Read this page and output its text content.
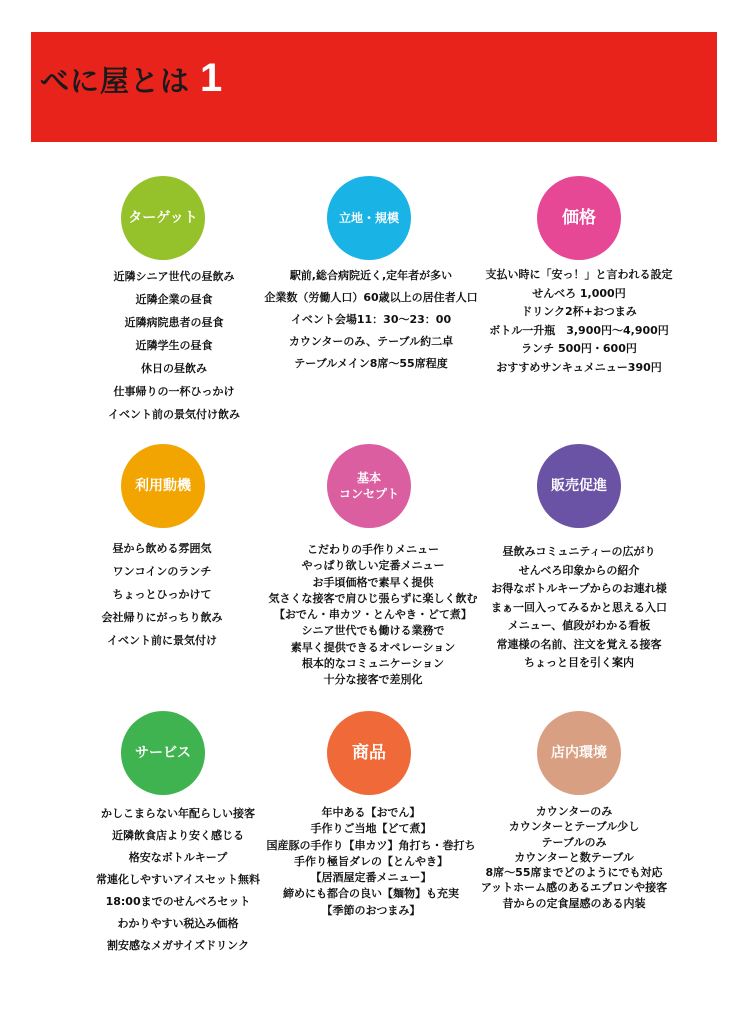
べに屋とは 1
ターゲット
近隣シニア世代の昼飲み
近隣企業の昼食
近隣病院患者の昼食
近隣学生の昼食
休日の昼飲み
仕事帰りの一杯ひっかけ
イベント前の景気付け飲み
立地・規模
駅前,総合病院近く,定年者が多い
企業数（労働人口）60歳以上の居住者人口
イベント会場11：30～23：00
カウンターのみ、テーブル約二卓
テーブルメイン8席～55席程度
価格
支払い時に「安っ！」と言われる設定
せんべろ 1,000円
ドリンク2杯+おつまみ
ボトル一升瓶　3,900円～4,900円
ランチ 500円・600円
おすすめサンキュメニュー390円
利用動機
昼から飲める雰囲気
ワンコインのランチ
ちょっとひっかけて
会社帰りにがっちり飲み
イベント前に景気付け
基本
コンセプト
こだわりの手作りメニュー
やっぱり欲しい定番メニュー
お手頃価格で素早く提供
気さくな接客で肩ひじ張らずに楽しく飲む
【おでん・串カツ・とんやき・どて煮】
シニア世代でも働ける業務で
素早く提供できるオペレーション
根本的なコミュニケーション
十分な接客で差別化
販売促進
昼飲みコミュニティーの広がり
せんべろ印象からの紹介
お得なボトルキープからのお連れ様
まぁ一回入ってみるかと思える入口
メニュー、値段がわかる看板
常連様の名前、注文を覚える接客
ちょっと目を引く案内
サービス
かしこまらない年配らしい接客
近隣飲食店より安く感じる
格安なボトルキープ
常連化しやすいアイスセット無料
18:00までのせんべろセット
わかりやすい税込み価格
割安感なメガサイズドリンク
商品
年中ある【おでん】
手作りご当地【どて煮】
国産豚の手作り【串カツ】角打ち・巻打ち
手作り極旨ダレの【とんやき】
【居酒屋定番メニュー】
締めにも都合の良い【麺物】も充実
【季節のおつまみ】
店内環境
カウンターのみ
カウンターとテーブル少し
テーブルのみ
カウンターと数テーブル
8席～55席までどのようにでも対応
アットホーム感のあるエプロンや接客
昔からの定食屋感のある内装
